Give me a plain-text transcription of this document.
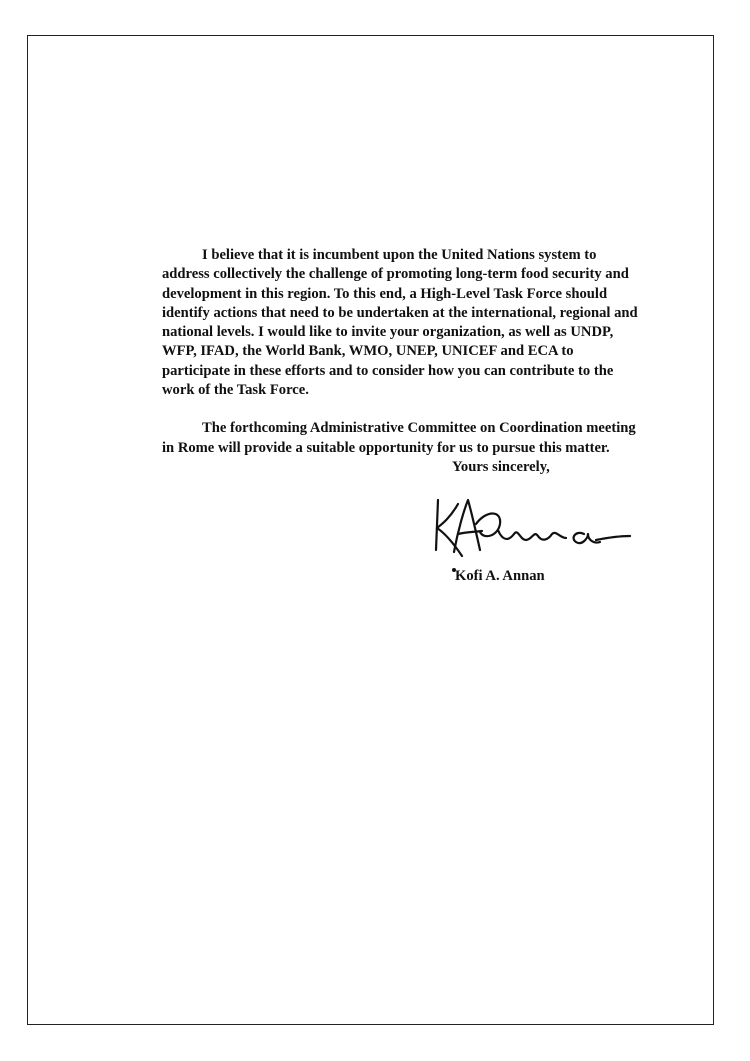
I believe that it is incumbent upon the United Nations system to address collectively the challenge of promoting long-term food security and development in this region. To this end, a High-Level Task Force should identify actions that need to be undertaken at the international, regional and national levels. I would like to invite your organization, as well as UNDP, WFP, IFAD, the World Bank, WMO, UNEP, UNICEF and ECA to participate in these efforts and to consider how you can contribute to the work of the Task Force.

The forthcoming Administrative Committee on Coordination meeting in Rome will provide a suitable opportunity for us to pursue this matter.

Yours sincerely,
Kofi A. Annan
